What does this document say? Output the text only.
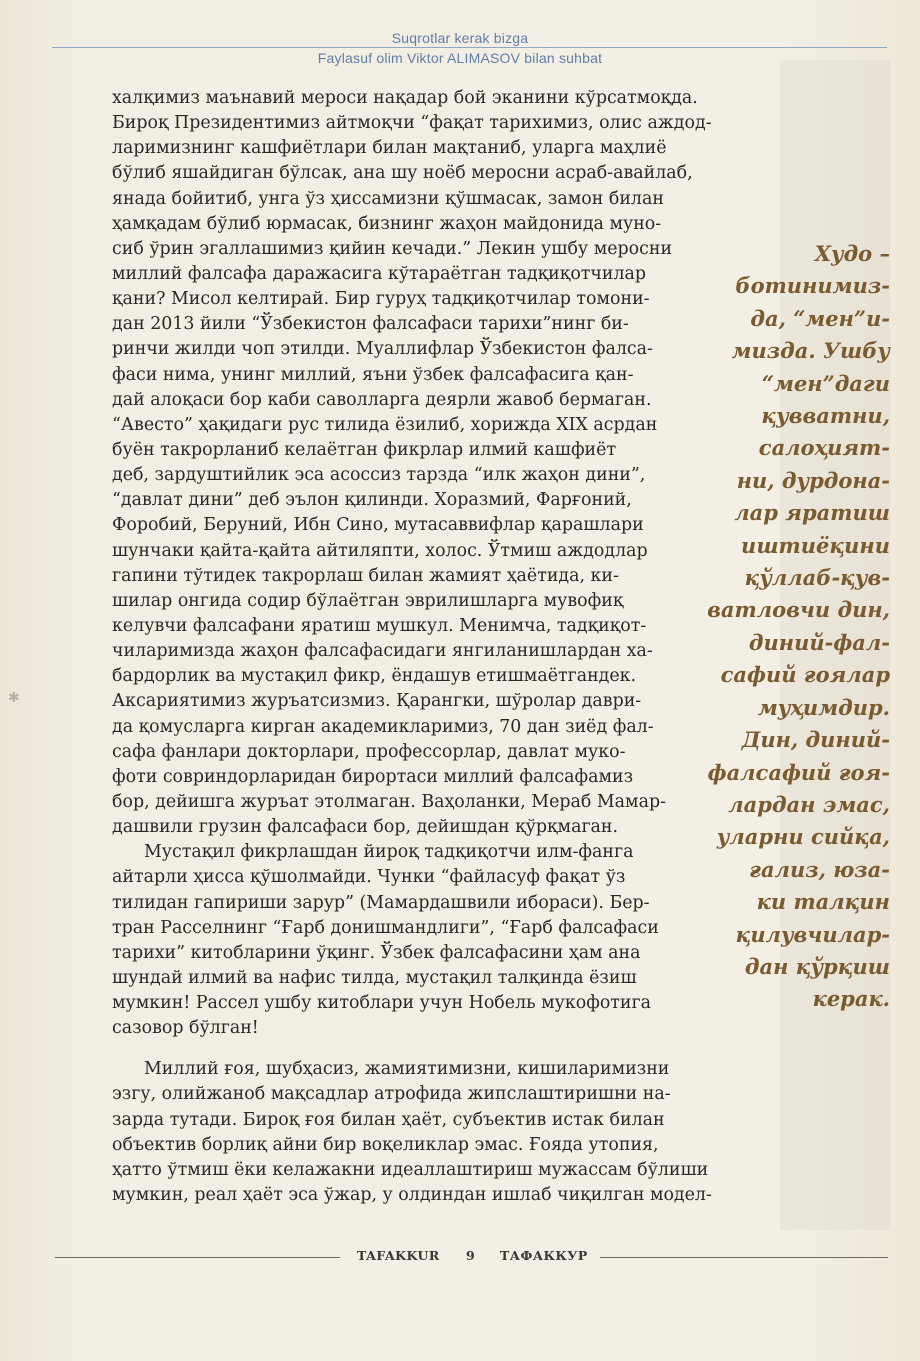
Suqrotlar kerak bizga
Faylasuf olim Viktor ALIMASOV bilan suhbat
✱
халқимиз маънавий мероси нақадар бой эканини кўрсатмоқда.
Бироқ Президентимиз айтмоқчи “фақат тарихимиз, олис аждод-
ларимизнинг кашфиётлари билан мақтаниб, уларга маҳлиё
бўлиб яшайдиган бўлсак, ана шу ноёб меросни асраб-авайлаб,
янада бойитиб, унга ўз ҳиссамизни қўшмасак, замон билан
ҳамқадам бўлиб юрмасак, бизнинг жаҳон майдонида муно-
сиб ўрин эгаллашимиз қийин кечади.” Лекин ушбу меросни
миллий фалсафа даражасига кўтараётган тадқиқотчилар
қани? Мисол келтирай. Бир гуруҳ тадқиқотчилар томони-
дан 2013 йили “Ўзбекистон фалсафаси тарихи”нинг би-
ринчи жилди чоп этилди. Муаллифлар Ўзбекистон фалса-
фаси нима, унинг миллий, яъни ўзбек фалсафасига қан-
дай алоқаси бор каби саволларга деярли жавоб бермаган.
“Авесто” ҳақидаги рус тилида ёзилиб, хорижда XIX асрдан
буён такрорланиб келаётган фикрлар илмий кашфиёт
деб, зардуштийлик эса асоссиз тарзда “илк жаҳон дини”,
“давлат дини” деб эълон қилинди. Хоразмий, Фарғоний,
Форобий, Беруний, Ибн Сино, мутасаввифлар қарашлари
шунчаки қайта-қайта айтиляпти, холос. Ўтмиш аждодлар
гапини тўтидек такрорлаш билан жамият ҳаётида, ки-
шилар онгида содир бўлаётган эврилишларга мувофиқ
келувчи фалсафани яратиш мушкул. Менимча, тадқиқот-
чиларимизда жаҳон фалсафасидаги янгиланишлардан ха-
бардорлик ва мустақил фикр, ёндашув етишмаётгандек.
Аксариятимиз журъатсизмиз. Қарангки, шўролар даври-
да қомусларга кирган академикларимиз, 70 дан зиёд фал-
сафа фанлари докторлари, профессорлар, давлат муко-
фоти совриндорларидан бирортаси миллий фалсафамиз
бор, дейишга журъат этолмаган. Ваҳоланки, Мераб Мамар-
дашвили грузин фалсафаси бор, дейишдан қўрқмаган.
Мустақил фикрлашдан йироқ тадқиқотчи илм-фанга
айтарли ҳисса қўшолмайди. Чунки “файласуф фақат ўз
тилидан гапириши зарур” (Мамардашвили ибораси). Бер-
тран Расселнинг “Ғарб донишмандлиги”, “Ғарб фалсафаси
тарихи” китобларини ўқинг. Ўзбек фалсафасини ҳам ана
шундай илмий ва нафис тилда, мустақил талқинда ёзиш
мумкин! Рассел ушбу китоблари учун Нобель мукофотига
сазовор бўлган!
Миллий ғоя, шубҳасиз, жамиятимизни, кишиларимизни
эзгу, олийжаноб мақсадлар атрофида жипслаштиришни на-
зарда тутади. Бироқ ғоя билан ҳаёт, субъектив истак билан
объектив борлиқ айни бир воқеликлар эмас. Ғояда утопия,
ҳатто ўтмиш ёки келажакни идеаллаштириш мужассам бўлиши
мумкин, реал ҳаёт эса ўжар, у олдиндан ишлаб чиқилган модел-
Худо –
ботинимиз-
да, “мен”и-
мизда. Ушбу
“мен”даги
қувватни,
салоҳият-
ни, дурдона-
лар яратиш
иштиёқини
қўллаб-қув-
ватловчи дин,
диний-фал-
сафий ғоялар
муҳимдир.
Дин, диний-
фалсафий ғоя-
лардан эмас,
уларни сийқа,
ғализ, юза-
ки талқин
қилувчилар-
дан қўрқиш
керак.
TAFAKKUR 9 ТАФАККУР
